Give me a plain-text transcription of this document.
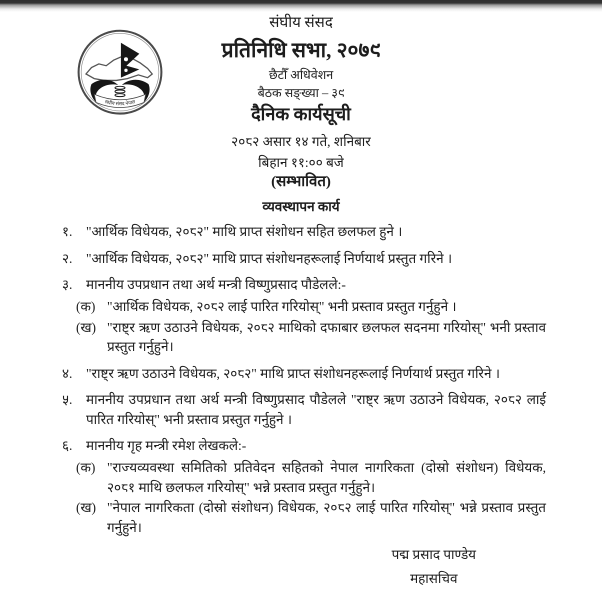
संघीय संसद नेपाल
संघीय संसद
प्रतिनिधि सभा, २०७९
छैटौँ अधिवेशन
बैठक सङ्ख्या – ३९
दैनिक कार्यसूची
२०८२ असार १४ गते, शनिबार
बिहान ११:०० बजे
(सम्भावित)
व्यवस्थापन कार्य
१.	"आर्थिक विधेयक, २०८२" माथि प्राप्त संशोधन सहित छलफल हुने ।
२.	"आर्थिक विधेयक, २०८२" माथि प्राप्त संशोधनहरूलाई निर्णयार्थ प्रस्तुत गरिने ।
३.	माननीय उपप्रधान तथा अर्थ मन्त्री विष्णुप्रसाद पौडेलले:-
(क) "आर्थिक विधेयक, २०८२ लाई पारित गरियोस्" भनी प्रस्ताव प्रस्तुत गर्नुहुने ।
(ख) "राष्ट्र ऋण उठाउने विधेयक, २०८२ माथिको दफाबार छलफल सदनमा गरियोस्" भनी प्रस्ताव प्रस्तुत गर्नुहुने।
४.	"राष्ट्र ऋण उठाउने विधेयक, २०८२" माथि प्राप्त संशोधनहरूलाई निर्णयार्थ प्रस्तुत गरिने ।
५.	माननीय उपप्रधान तथा अर्थ मन्त्री विष्णुप्रसाद पौडेलले "राष्ट्र ऋण उठाउने विधेयक, २०८२ लाई पारित गरियोस्" भनी प्रस्ताव प्रस्तुत गर्नुहुने ।
६.	माननीय गृह मन्त्री रमेश लेखकले:-
(क) "राज्यव्यवस्था समितिको प्रतिवेदन सहितको नेपाल नागरिकता (दोस्रो संशोधन) विधेयक, २०८१ माथि छलफल गरियोस्" भन्ने प्रस्ताव प्रस्तुत गर्नुहुने।
(ख) "नेपाल नागरिकता (दोस्रो संशोधन) विधेयक, २०८२ लाई पारित गरियोस्" भन्ने प्रस्ताव प्रस्तुत गर्नुहुने।
पद्म प्रसाद पाण्डेय
महासचिव
